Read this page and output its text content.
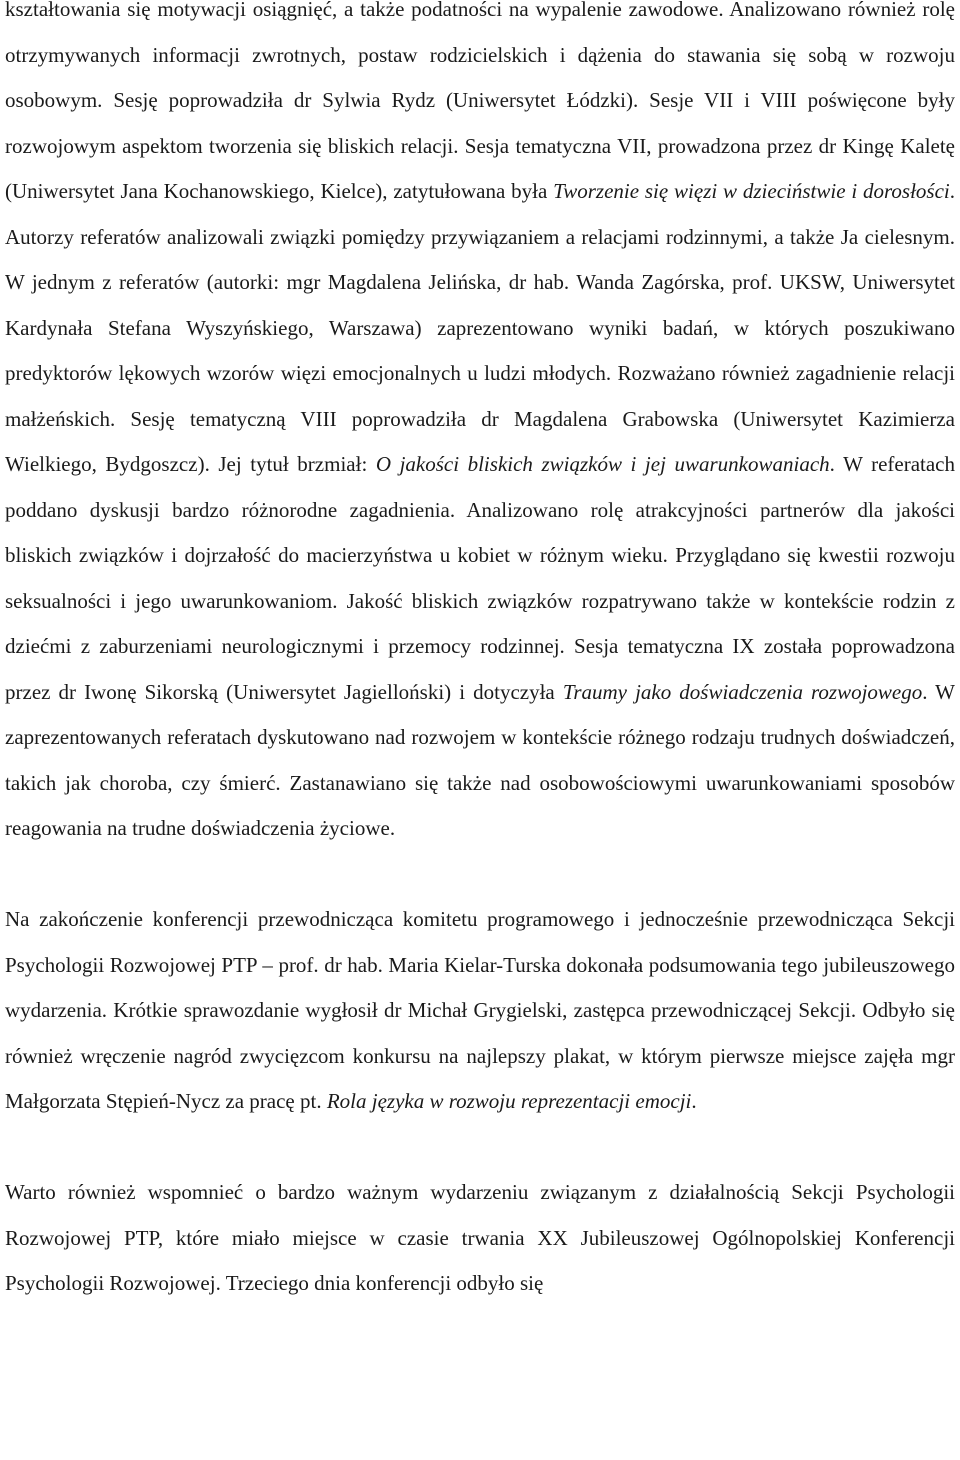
kształtowania się motywacji osiągnięć, a także podatności na wypalenie zawodowe. Analizowano również rolę otrzymywanych informacji zwrotnych, postaw rodzicielskich i dążenia do stawania się sobą w rozwoju osobowym. Sesję poprowadziła dr Sylwia Rydz (Uniwersytet Łódzki). Sesje VII i VIII poświęcone były rozwojowym aspektom tworzenia się bliskich relacji. Sesja tematyczna VII, prowadzona przez dr Kingę Kaletę (Uniwersytet Jana Kochanowskiego, Kielce), zatytułowana była Tworzenie się więzi w dzieciństwie i dorosłości. Autorzy referatów analizowali związki pomiędzy przywiązaniem a relacjami rodzinnymi, a także Ja cielesnym. W jednym z referatów (autorki: mgr Magdalena Jelińska, dr hab. Wanda Zagórska, prof. UKSW, Uniwersytet Kardynała Stefana Wyszyńskiego, Warszawa) zaprezentowano wyniki badań, w których poszukiwano predyktorów lękowych wzorów więzi emocjonalnych u ludzi młodych. Rozważano również zagadnienie relacji małżeńskich. Sesję tematyczną VIII poprowadziła dr Magdalena Grabowska (Uniwersytet Kazimierza Wielkiego, Bydgoszcz). Jej tytuł brzmiał: O jakości bliskich związków i jej uwarunkowaniach. W referatach poddano dyskusji bardzo różnorodne zagadnienia. Analizowano rolę atrakcyjności partnerów dla jakości bliskich związków i dojrzałość do macierzyństwa u kobiet w różnym wieku. Przyglądano się kwestii rozwoju seksualności i jego uwarunkowaniom. Jakość bliskich związków rozpatrywano także w kontekście rodzin z dziećmi z zaburzeniami neurologicznymi i przemocy rodzinnej. Sesja tematyczna IX została poprowadzona przez dr Iwonę Sikorską (Uniwersytet Jagielloński) i dotyczyła Traumy jako doświadczenia rozwojowego. W zaprezentowanych referatach dyskutowano nad rozwojem w kontekście różnego rodzaju trudnych doświadczeń, takich jak choroba, czy śmierć. Zastanawiano się także nad osobowościowymi uwarunkowaniami sposobów reagowania na trudne doświadczenia życiowe.

Na zakończenie konferencji przewodnicząca komitetu programowego i jednocześnie przewodnicząca Sekcji Psychologii Rozwojowej PTP – prof. dr hab. Maria Kielar-Turska dokonała podsumowania tego jubileuszowego wydarzenia. Krótkie sprawozdanie wygłosił dr Michał Grygielski, zastępca przewodniczącej Sekcji. Odbyło się również wręczenie nagród zwycięzcom konkursu na najlepszy plakat, w którym pierwsze miejsce zajęła mgr Małgorzata Stępień-Nycz za pracę pt. Rola języka w rozwoju reprezentacji emocji.

Warto również wspomnieć o bardzo ważnym wydarzeniu związanym z działalnością Sekcji Psychologii Rozwojowej PTP, które miało miejsce w czasie trwania XX Jubileuszowej Ogólnopolskiej Konferencji Psychologii Rozwojowej. Trzeciego dnia konferencji odbyło się
